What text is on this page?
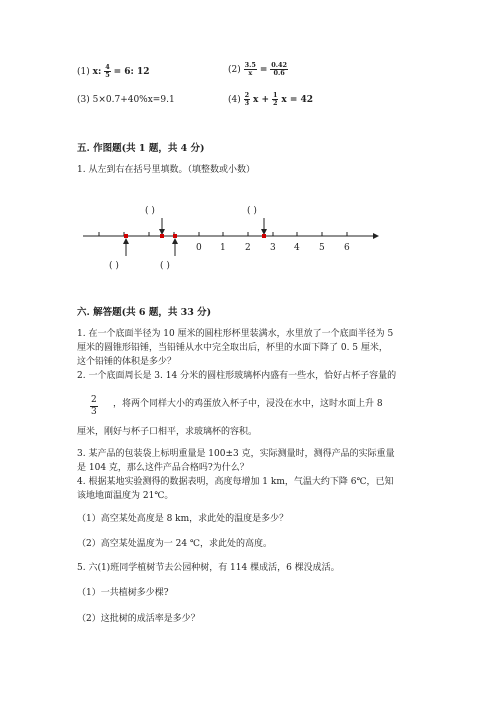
(1) x: $\frac{4}{5} = 6$: 12	$(2) \frac{3.5}{x} = \frac{0.42}{0.6}$
(3) 5×0.7+40%x=9.1	$(4) \frac{2}{3}$ $x + \frac{1}{2}$ x = 42
五. 作图题(共 1 题，共 4 分)
1. 从左到右在括号里填数。（填整数或小数）
( )	( )
0 1 2 3 4 5 6
( )	( )
六. 解答题(共 6 题，共 33 分)
1. 在一个底面半径为 10 厘米的圆柱形杯里装满水，水里放了一个底面半径为 5
厘米的圆锥形铅锤，当铅锤从水中完全取出后，杯里的水面下降了 0. 5 厘米，
这个铅锤的体积是多少？
2. 一个底面周长是 3. 14 分米的圆柱形玻璃杯内盛有一些水，恰好占杯子容量的
$\frac{2}{3}$ ，将两个同样大小的鸡蛋放入杯子中，浸没在水中，这时水面上升 8
厘米，刚好与杯子口相平，求玻璃杯的容积。
3. 某产品的包装袋上标明重量是 100±3 克，实际测量时，测得产品的实际重量
是 104 克，那么这件产品合格吗?为什么？
4. 根据某地实验测得的数据表明，高度每增加 1 km，气温大约下降 6℃，已知
该地地面温度为 21℃。
（1）高空某处高度是 8 km，求此处的温度是多少？
（2）高空某处温度为一 24 ℃，求此处的高度。
5. 六(1)班同学植树节去公园种树，有 114 棵成活，6 棵没成活。
（1）一共植树多少棵?
（2）这批树的成活率是多少？
